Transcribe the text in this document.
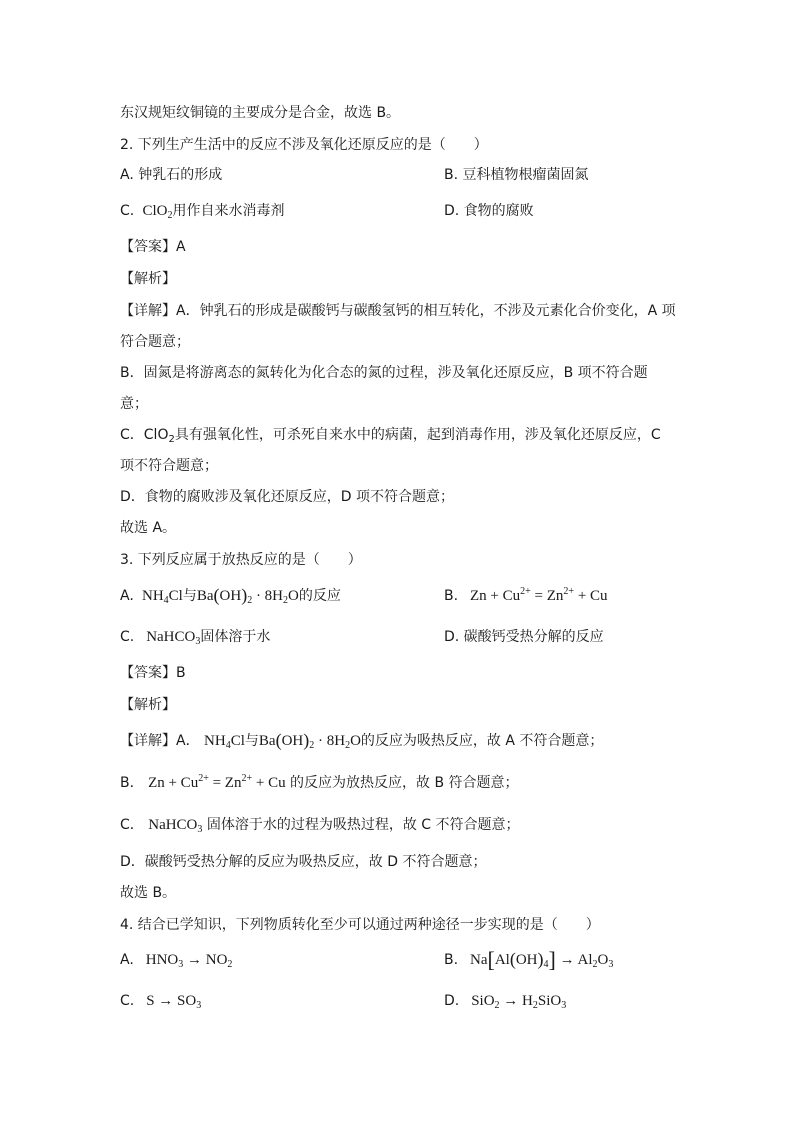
东汉规矩纹铜镜的主要成分是合金，故选 B。
2. 下列生产生活中的反应不涉及氧化还原反应的是（　　）
A. 钟乳石的形成	B. 豆科植物根瘤菌固氮
C.  ClO$_2$用作自来水消毒剂	D. 食物的腐败
【答案】A
【解析】
【详解】A．钟乳石的形成是碳酸钙与碳酸氢钙的相互转化，不涉及元素化合价变化，A 项
符合题意；
B．固氮是将游离态的氮转化为化合态的氮的过程，涉及氧化还原反应，B 项不符合题
意；
C．ClO$_2$具有强氧化性，可杀死自来水中的病菌，起到消毒作用，涉及氧化还原反应，C
项不符合题意；
D．食物的腐败涉及氧化还原反应，D 项不符合题意；
故选 A。
3. 下列反应属于放热反应的是（　　）
A.  $NH_4Cl$与$Ba(OH)_2 \cdot 8H_2O$的反应	B.   $Zn + Cu^{2+} = Zn^{2+} + Cu$
C.   NaHCO$_3$固体溶于水	D. 碳酸钙受热分解的反应
【答案】B
【解析】
【详解】A． $NH_4Cl$与$Ba(OH)_2 \cdot 8H_2O$的反应为吸热反应，故 A 不符合题意；
B． $Zn + Cu^{2+} = Zn^{2+} + Cu$ 的反应为放热反应，故 B 符合题意；
C． NaHCO$_3$ 固体溶于水的过程为吸热过程，故 C 不符合题意；
D．碳酸钙受热分解的反应为吸热反应，故 D 不符合题意；
故选 B。
4. 结合已学知识，下列物质转化至少可以通过两种途径一步实现的是（　　）
A.   $HNO_3 \to NO_2$	B.   $Na[Al(OH)_4] \to Al_2O_3$
C.   $S \to SO_3$	D.   $SiO_2 \to H_2SiO_3$
